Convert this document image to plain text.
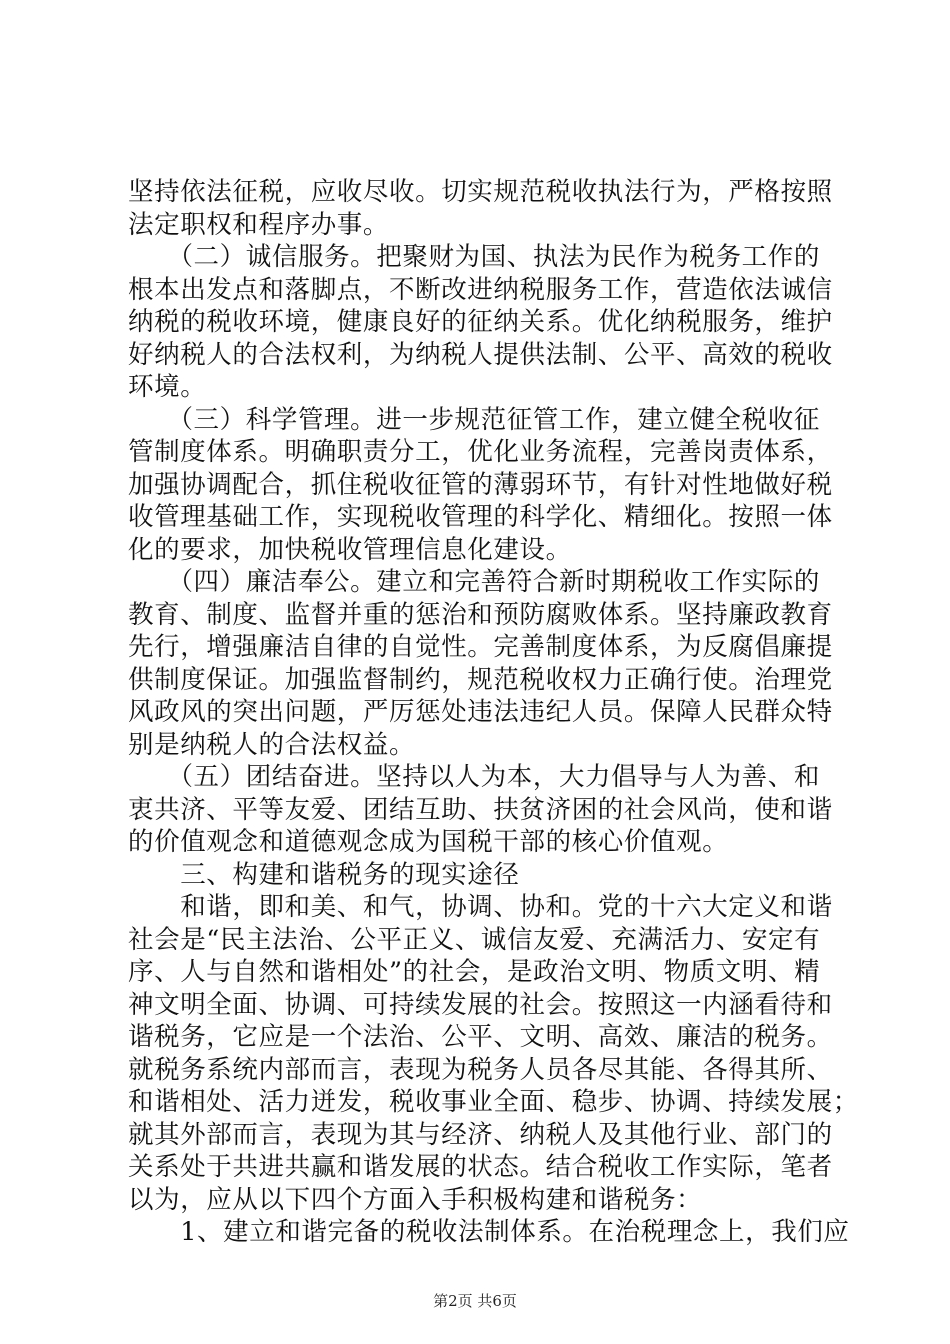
坚持依法征税，应收尽收。切实规范税收执法行为，严格按照
法定职权和程序办事。
　　（二）诚信服务。把聚财为国、执法为民作为税务工作的
根本出发点和落脚点，不断改进纳税服务工作，营造依法诚信
纳税的税收环境，健康良好的征纳关系。优化纳税服务，维护
好纳税人的合法权利，为纳税人提供法制、公平、高效的税收
环境。
　　（三）科学管理。进一步规范征管工作，建立健全税收征
管制度体系。明确职责分工，优化业务流程，完善岗责体系，
加强协调配合，抓住税收征管的薄弱环节，有针对性地做好税
收管理基础工作，实现税收管理的科学化、精细化。按照一体
化的要求，加快税收管理信息化建设。
　　（四）廉洁奉公。建立和完善符合新时期税收工作实际的
教育、制度、监督并重的惩治和预防腐败体系。坚持廉政教育
先行，增强廉洁自律的自觉性。完善制度体系，为反腐倡廉提
供制度保证。加强监督制约，规范税收权力正确行使。治理党
风政风的突出问题，严厉惩处违法违纪人员。保障人民群众特
别是纳税人的合法权益。
　　（五）团结奋进。坚持以人为本，大力倡导与人为善、和
衷共济、平等友爱、团结互助、扶贫济困的社会风尚，使和谐
的价值观念和道德观念成为国税干部的核心价值观。
　　三、构建和谐税务的现实途径
　　和谐，即和美、和气，协调、协和。党的十六大定义和谐
社会是“民主法治、公平正义、诚信友爱、充满活力、安定有
序、人与自然和谐相处”的社会，是政治文明、物质文明、精
神文明全面、协调、可持续发展的社会。按照这一内涵看待和
谐税务，它应是一个法治、公平、文明、高效、廉洁的税务。
就税务系统内部而言，表现为税务人员各尽其能、各得其所、
和谐相处、活力迸发，税收事业全面、稳步、协调、持续发展；
就其外部而言，表现为其与经济、纳税人及其他行业、部门的
关系处于共进共赢和谐发展的状态。结合税收工作实际，笔者
以为，应从以下四个方面入手积极构建和谐税务：
　　1、建立和谐完备的税收法制体系。在治税理念上，我们应
第2页 共6页
